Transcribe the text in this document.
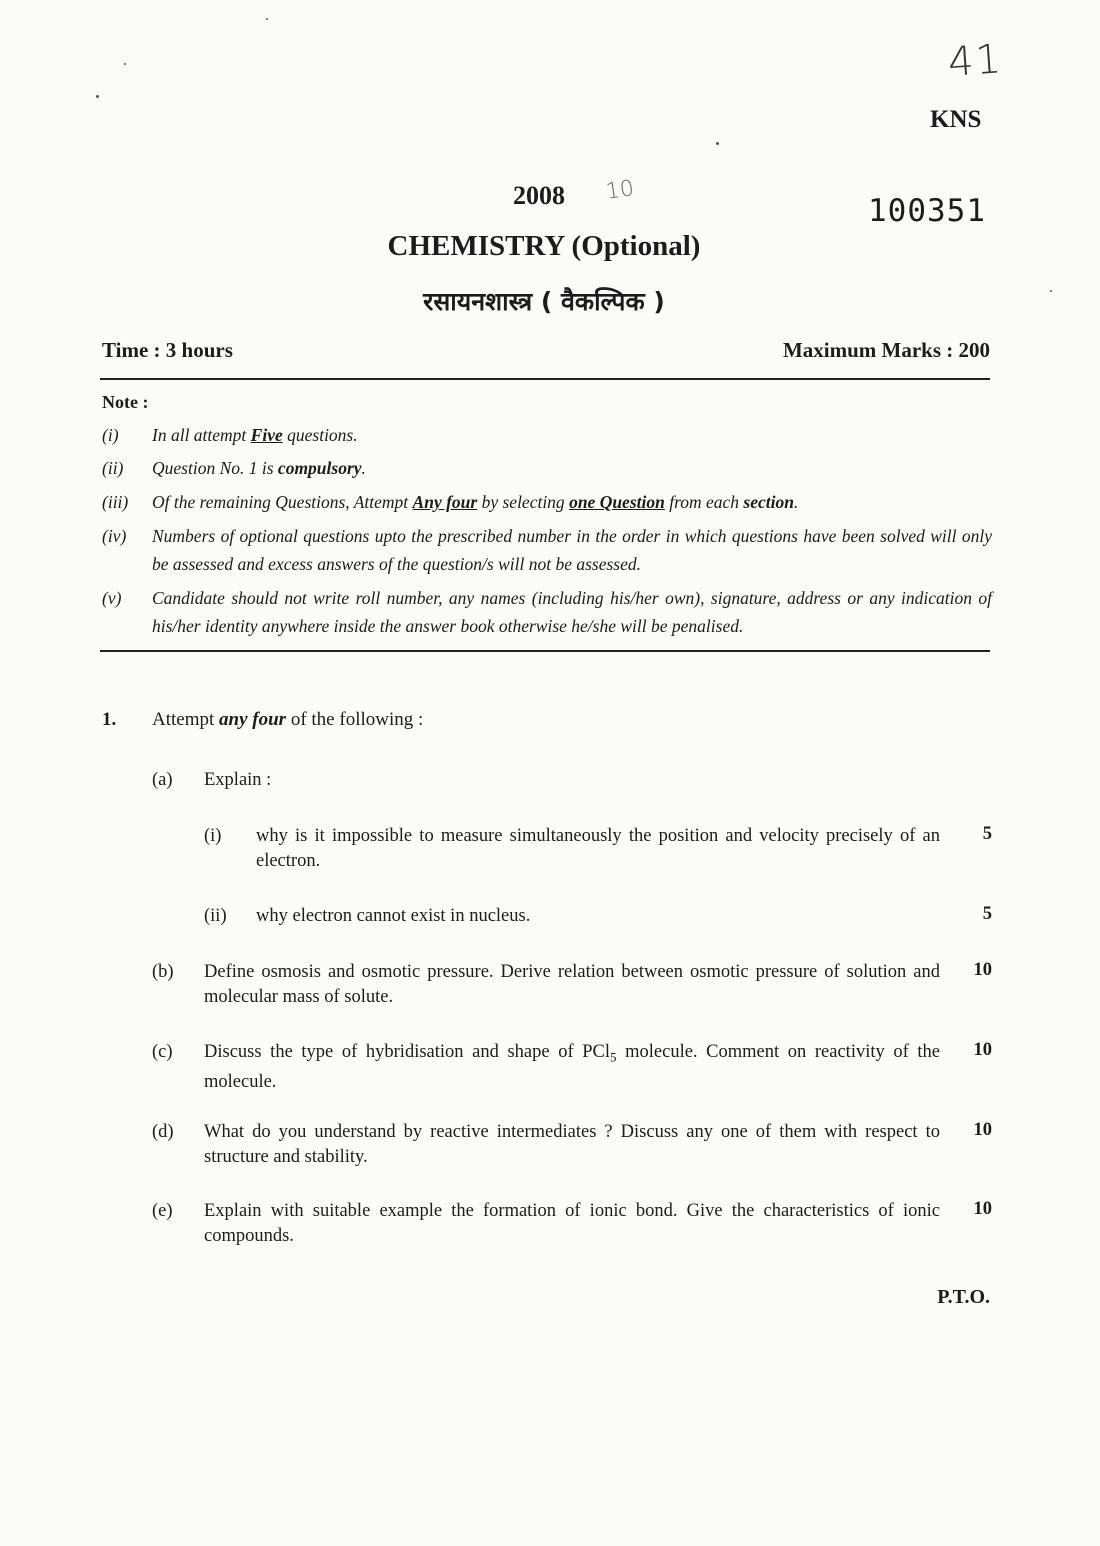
41
KNS
2008 10
100351
CHEMISTRY (Optional)
रसायनशास्त्र ( वैकल्पिक )
Time : 3 hours	Maximum Marks : 200
Note :
(i)	In all attempt Five questions.
(ii)	Question No. 1 is compulsory.
(iii)	Of the remaining Questions, Attempt Any four by selecting one Question from each section.
(iv)	Numbers of optional questions upto the prescribed number in the order in which questions have been solved will only be assessed and excess answers of the question/s will not be assessed.
(v)	Candidate should not write roll number, any names (including his/her own), signature, address or any indication of his/her identity anywhere inside the answer book otherwise he/she will be penalised.
1. Attempt any four of the following :
(a) Explain :
(i) why is it impossible to measure simultaneously the position and velocity precisely of an electron.
5
(ii) why electron cannot exist in nucleus.	5
(b) Define osmosis and osmotic pressure. Derive relation between osmotic pressure of solution and molecular mass of solute.
10
(c) Discuss the type of hybridisation and shape of PCl$_5$ molecule. Comment on reactivity of the molecule.
10
(d) What do you understand by reactive intermediates ? Discuss any one of them with respect to structure and stability.
10
(e) Explain with suitable example the formation of ionic bond. Give the characteristics of ionic compounds.
10
P.T.O.
